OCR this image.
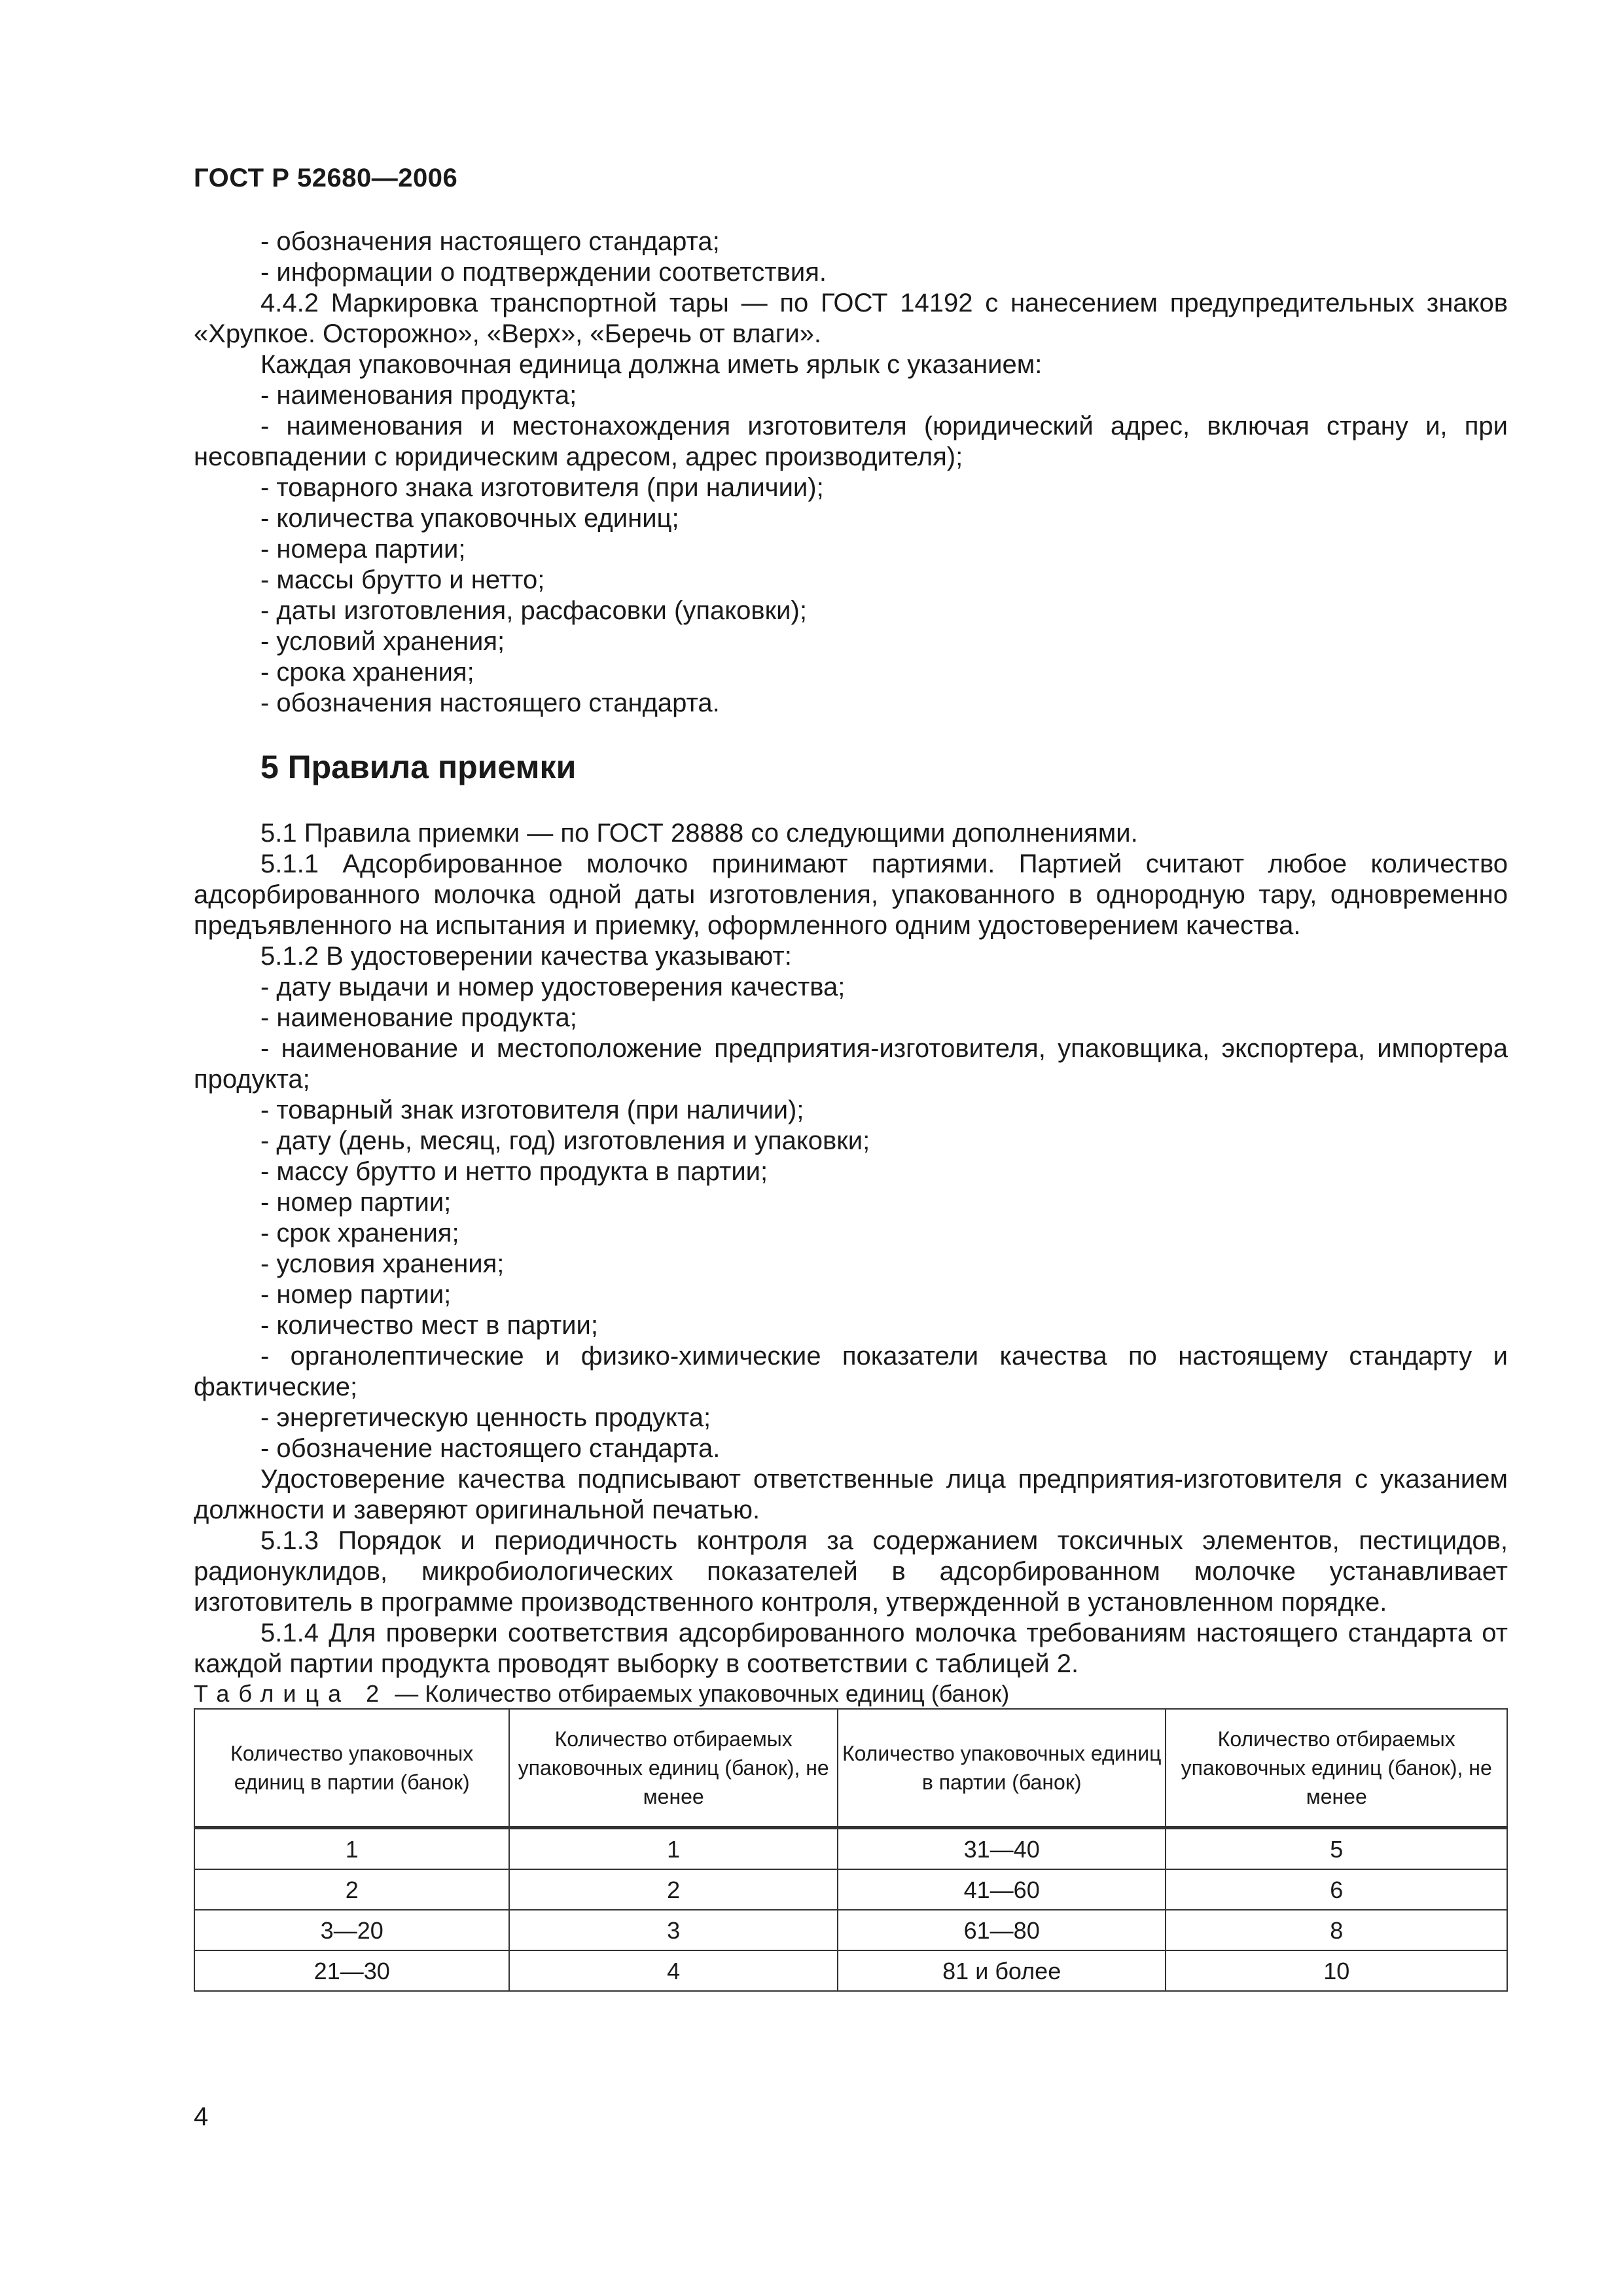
ГОСТ Р 52680—2006

- обозначения настоящего стандарта;

- информации о подтверждении соответствия.

4.4.2 Маркировка транспортной тары — по ГОСТ 14192 с нанесением предупредительных знаков «Хрупкое. Осторожно», «Верх», «Беречь от влаги».

Каждая упаковочная единица должна иметь ярлык с указанием:

- наименования продукта;

- наименования и местонахождения изготовителя (юридический адрес, включая страну и, при несовпадении с юридическим адресом, адрес производителя);

- товарного знака изготовителя (при наличии);

- количества упаковочных единиц;

- номера партии;

- массы брутто и нетто;

- даты изготовления, расфасовки (упаковки);

- условий хранения;

- срока хранения;

- обозначения настоящего стандарта.

5 Правила приемки

5.1 Правила приемки — по ГОСТ 28888 со следующими дополнениями.

5.1.1 Адсорбированное молочко принимают партиями. Партией считают любое количество адсорбированного молочка одной даты изготовления, упакованного в однородную тару, одновременно предъявленного на испытания и приемку, оформленного одним удостоверением качества.

5.1.2 В удостоверении качества указывают:

- дату выдачи и номер удостоверения качества;

- наименование продукта;

- наименование и местоположение предприятия-изготовителя, упаковщика, экспортера, импортера продукта;

- товарный знак изготовителя (при наличии);

- дату (день, месяц, год) изготовления и упаковки;

- массу брутто и нетто продукта в партии;

- номер партии;

- срок хранения;

- условия хранения;

- номер партии;

- количество мест в партии;

- органолептические и физико-химические показатели качества по настоящему стандарту и фактические;

- энергетическую ценность продукта;

- обозначение настоящего стандарта.

Удостоверение качества подписывают ответственные лица предприятия-изготовителя с указанием должности и заверяют оригинальной печатью.

5.1.3 Порядок и периодичность контроля за содержанием токсичных элементов, пестицидов, радионуклидов, микробиологических показателей в адсорбированном молочке устанавливает изготовитель в программе производственного контроля, утвержденной в установленном порядке.

5.1.4 Для проверки соответствия адсорбированного молочка требованиям настоящего стандарта от каждой партии продукта проводят выборку в соответствии с таблицей 2.

Таблица 2 — Количество отбираемых упаковочных единиц (банок)

Количество упаковочных единиц в партии (банок)	Количество отбираемых упаковочных единиц (банок), не менее	Количество упаковочных единиц в партии (банок)	Количество отбираемых упаковочных единиц (банок), не менее
1	1	31—40	5
2	2	41—60	6
3—20	3	61—80	8
21—30	4	81 и более	10
4
